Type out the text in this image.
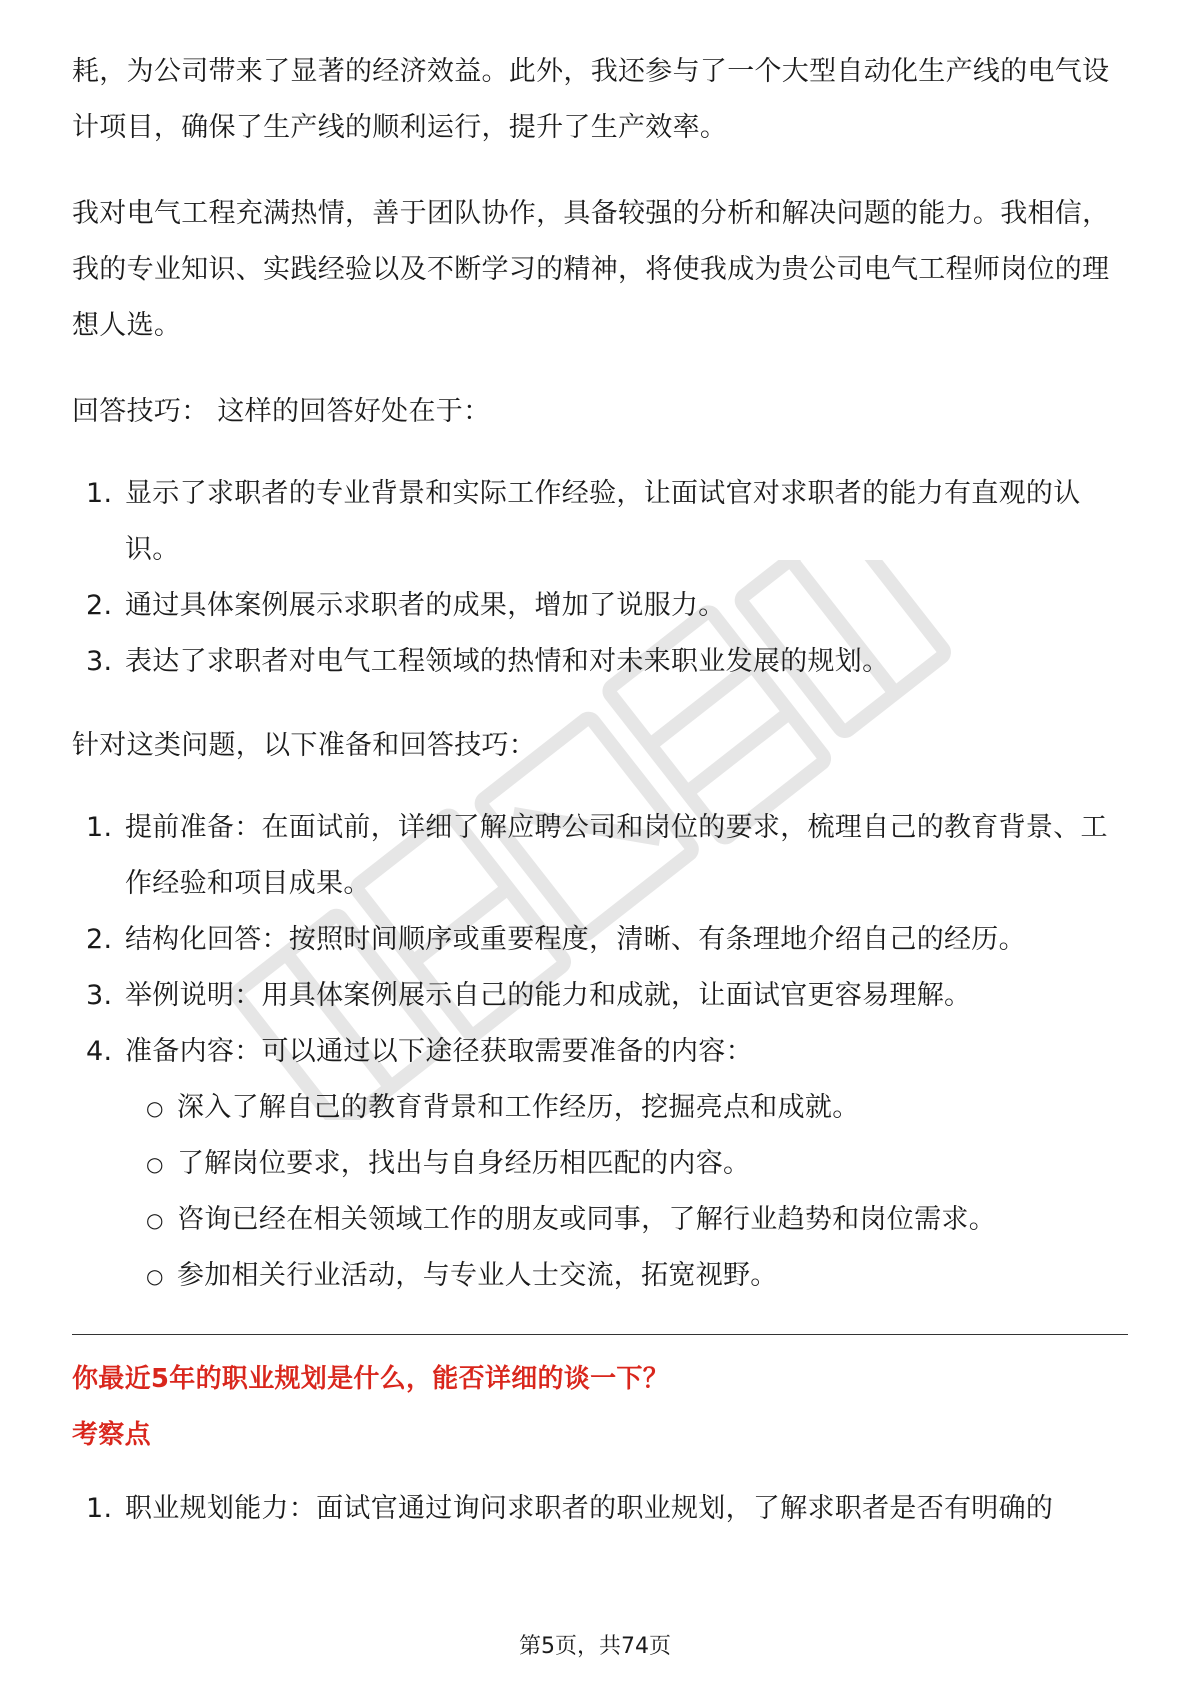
耗，为公司带来了显著的经济效益。此外，我还参与了一个大型自动化生产线的电气设计项目，确保了生产线的顺利运行，提升了生产效率。

我对电气工程充满热情，善于团队协作，具备较强的分析和解决问题的能力。我相信，我的专业知识、实践经验以及不断学习的精神，将使我成为贵公司电气工程师岗位的理想人选。

回答技巧： 这样的回答好处在于：

1. 显示了求职者的专业背景和实际工作经验，让面试官对求职者的能力有直观的认识。
2. 通过具体案例展示求职者的成果，增加了说服力。
3. 表达了求职者对电气工程领域的热情和对未来职业发展的规划。

针对这类问题，以下准备和回答技巧：

1. 提前准备：在面试前，详细了解应聘公司和岗位的要求，梳理自己的教育背景、工作经验和项目成果。
2. 结构化回答：按照时间顺序或重要程度，清晰、有条理地介绍自己的经历。
3. 举例说明：用具体案例展示自己的能力和成就，让面试官更容易理解。
4. 准备内容：可以通过以下途径获取需要准备的内容：
○ 深入了解自己的教育背景和工作经历，挖掘亮点和成就。
○ 了解岗位要求，找出与自身经历相匹配的内容。
○ 咨询已经在相关领域工作的朋友或同事，了解行业趋势和岗位需求。
○ 参加相关行业活动，与专业人士交流，拓宽视野。

你最近5年的职业规划是什么，能否详细的谈一下？

考察点

1. 职业规划能力：面试官通过询问求职者的职业规划，了解求职者是否有明确的
第5页，共74页
